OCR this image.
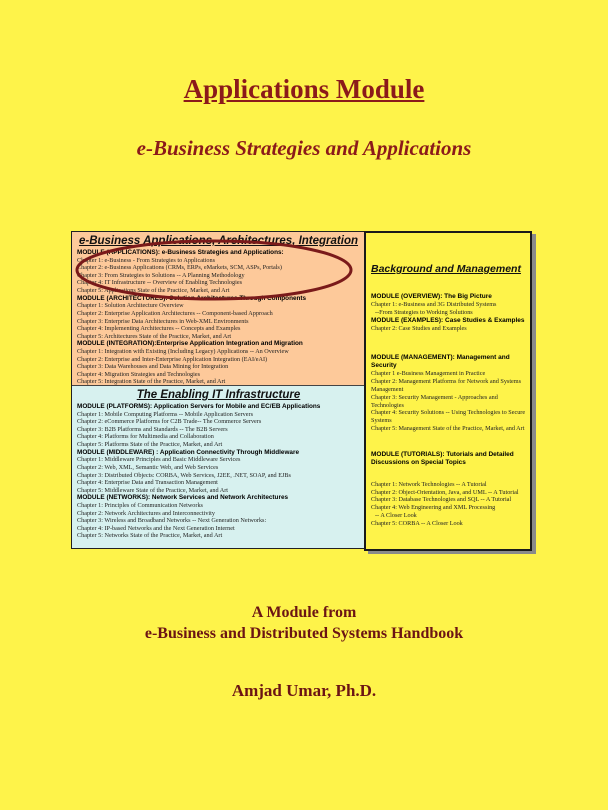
Applications Module
e-Business Strategies and Applications
e-Business Applications, Architectures, Integration
MODULE (APPLICATIONS): e-Business Strategies and Applications:
Chapter 1: e-Business - From Strategies to Applications
Chapter 2: e-Business Applications (CRMs, ERPs, eMarkets, SCM, ASPs, Portals)
Chapter 3: From Strategies to Solutions -- A Planning Methodology
Chapter 4: IT Infrastructure -- Overview of Enabling Technologies
Chapter 5: Applications State of the Practice, Market, and Art
MODULE (ARCHITECTURES): Solution Architectures Through Components
Chapter 1: Solution Architecture Overview
Chapter 2: Enterprise Application Architectures -- Component-based Approach
Chapter 3: Enterprise Data Architectures in Web-XML Environments
Chapter 4: Implementing Architectures -- Concepts and Examples
Chapter 5: Architectures State of the Practice, Market, and Art
MODULE (INTEGRATION):Enterprise Application Integration and Migration
Chapter 1: Integration with Existing (Including Legacy) Applications -- An Overview
Chapter 2: Enterprise and Inter-Enterprise Application Integration (EAI/eAI)
Chapter 3: Data Warehouses and Data Mining for Integration
Chapter 4: Migration Strategies and Technologies
Chapter 5: Integration State of the Practice, Market, and Art
The Enabling IT Infrastructure
MODULE (PLATFORMS): Application Servers for Mobile and EC/EB Applications
Chapter 1: Mobile Computing Platforms -- Mobile Application Servers
Chapter 2: eCommerce Platforms for C2B Trade-- The Commerce Servers
Chapter 3: B2B Platforms and Standards -- The B2B Servers
Chapter 4: Platforms for Multimedia and Collaboration
Chapter 5: Platforms State of the Practice, Market, and Art
MODULE (MIDDLEWARE) : Application Connectivity Through Middleware
Chapter 1: Middleware Principles and Basic Middleware Services
Chapter 2: Web, XML, Semantic Web, and Web Services
Chapter 3: Distributed Objects: CORBA, Web Services, J2EE, .NET, SOAP, and EJBs
Chapter 4: Enterprise Data and Transaction Management
Chapter 5: Middleware State of the Practice, Market, and Art
MODULE (NETWORKS): Network Services and Network Architectures
Chapter 1: Principles of Communication Networks
Chapter 2: Network Architectures and Interconnectivity
Chapter 3: Wireless and Broadband Networks -- Next Generation Networks:
Chapter 4: IP-based Networks and the Next Generation Internet
Chapter 5: Networks State of the Practice, Market, and Art
Background and Management
MODULE (OVERVIEW): The Big Picture
Chapter 1: e-Business and 3G Distributed Systems
--From Strategies to Working Solutions
MODULE (EXAMPLES): Case Studies & Examples
Chapter 2: Case Studies and Examples
MODULE (MANAGEMENT): Management and Security
Chapter 1 e-Business Management in Practice
Chapter 2: Management Platforms for Network and Systems Management
Chapter 3: Security Management - Approaches and Technologies
Chapter 4: Security Solutions -- Using Technologies to Secure Systems
Chapter 5: Management State of the Practice, Market, and Art
MODULE (TUTORIALS): Tutorials and Detailed Discussions on Special Topics
Chapter 1: Network Technologies -- A Tutorial
Chapter 2: Object-Orientation, Java, and UML -- A Tutorial
Chapter 3: Database Technologies and SQL -- A Tutorial
Chapter 4: Web Engineering and XML Processing
-- A Closer Look
Chapter 5: CORBA -- A Closer Look
A Module from
e-Business and Distributed Systems Handbook
Amjad Umar, Ph.D.
